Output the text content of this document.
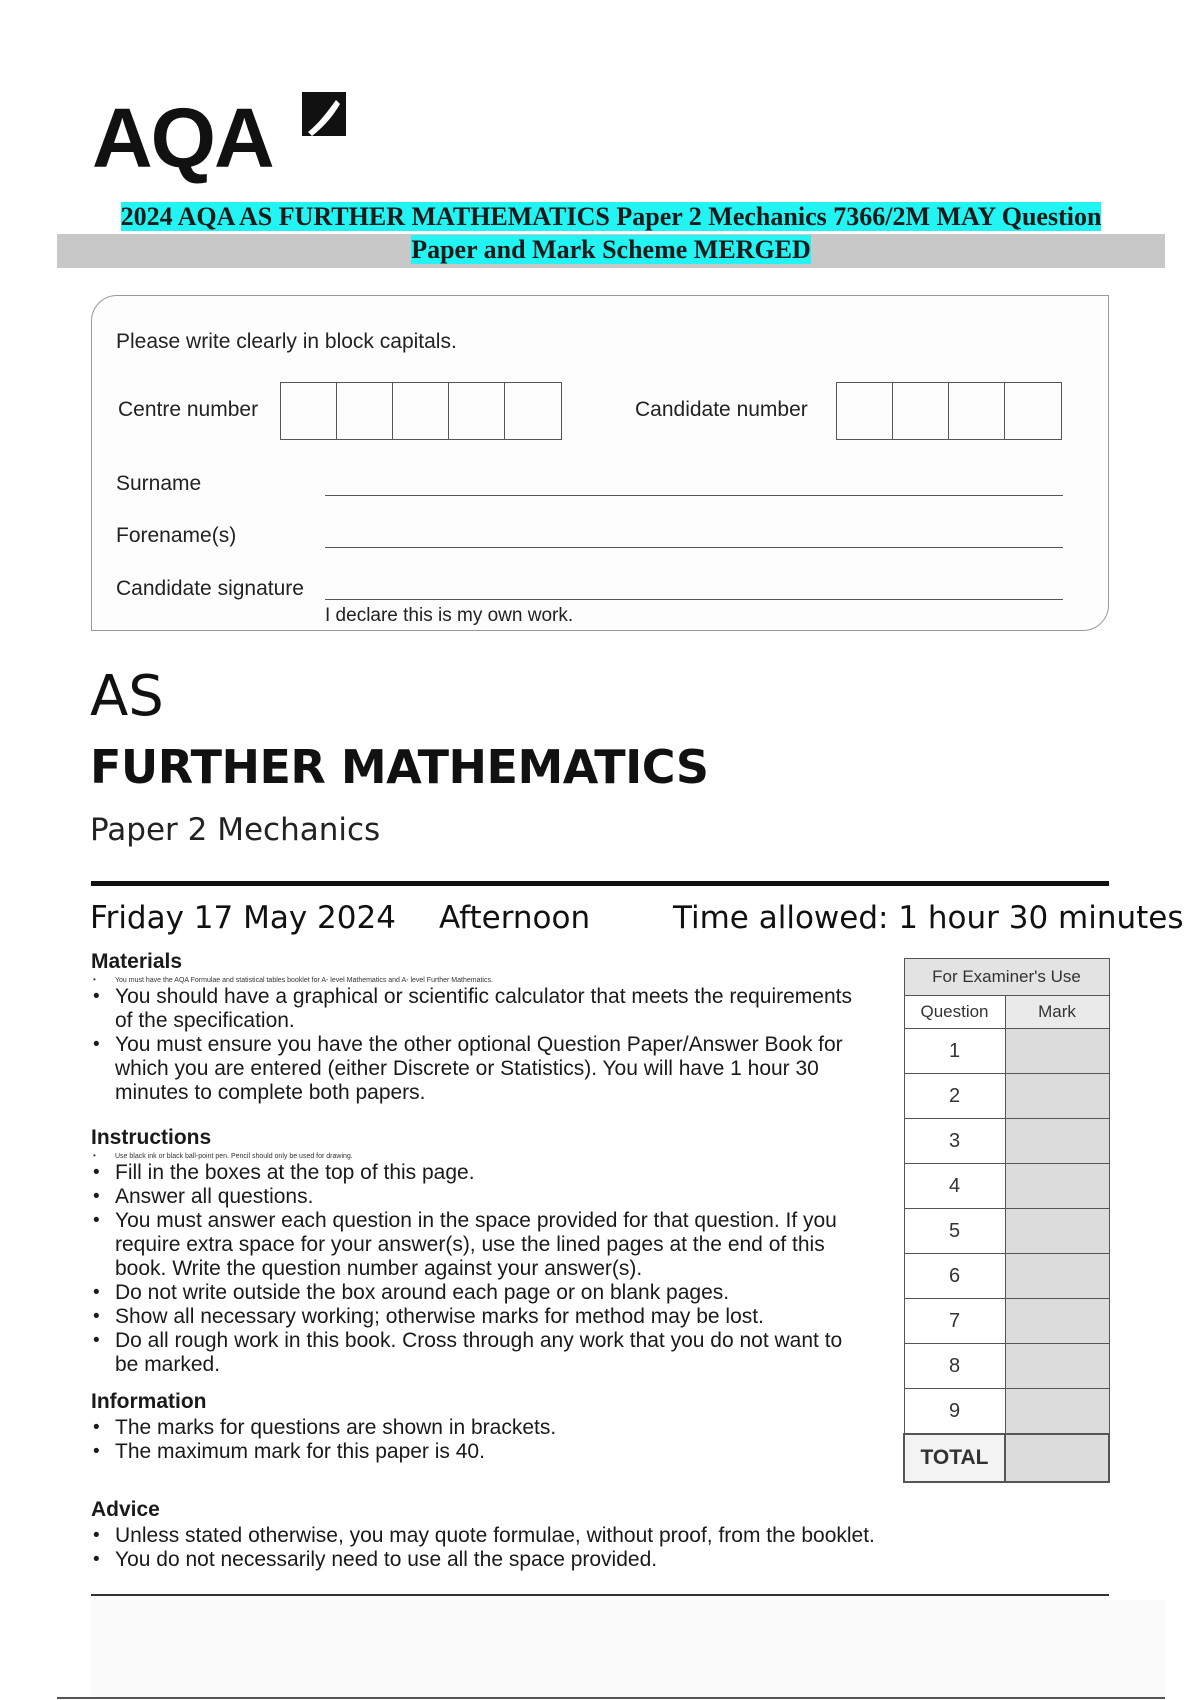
AQA
2024 AQA AS FURTHER MATHEMATICS Paper 2 Mechanics 7366/2M MAY Question
Paper and Mark Scheme MERGED
Please write clearly in block capitals.
Centre number	Candidate number
Surname
Forename(s)
Candidate signature
I declare this is my own work.
AS
FURTHER MATHEMATICS
Paper 2 Mechanics
Friday 17 May 2024 Afternoon	Time allowed: 1 hour 30 minutes
Materials
• You must have the AQA Formulae and statistical tables booklet for A- level Mathematics and A- level Further Mathematics.
• You should have a graphical or scientific calculator that meets the requirements of the specification.
• You must ensure you have the other optional Question Paper/Answer Book for which you are entered (either Discrete or Statistics). You will have 1 hour 30 minutes to complete both papers.
Instructions
• Use black ink or black ball-point pen. Pencil should only be used for drawing.
• Fill in the boxes at the top of this page.
• Answer all questions.
• You must answer each question in the space provided for that question. If you require extra space for your answer(s), use the lined pages at the end of this book. Write the question number against your answer(s).
• Do not write outside the box around each page or on blank pages.
• Show all necessary working; otherwise marks for method may be lost.
• Do all rough work in this book. Cross through any work that you do not want to be marked.
Information
• The marks for questions are shown in brackets.
• The maximum mark for this paper is 40.
Advice
• Unless stated otherwise, you may quote formulae, without proof, from the booklet.
• You do not necessarily need to use all the space provided.
For Examiner's Use	
Question	Mark
1	
2	
3	
4	
5	
6	
7	
8	
9	
TOTAL	
